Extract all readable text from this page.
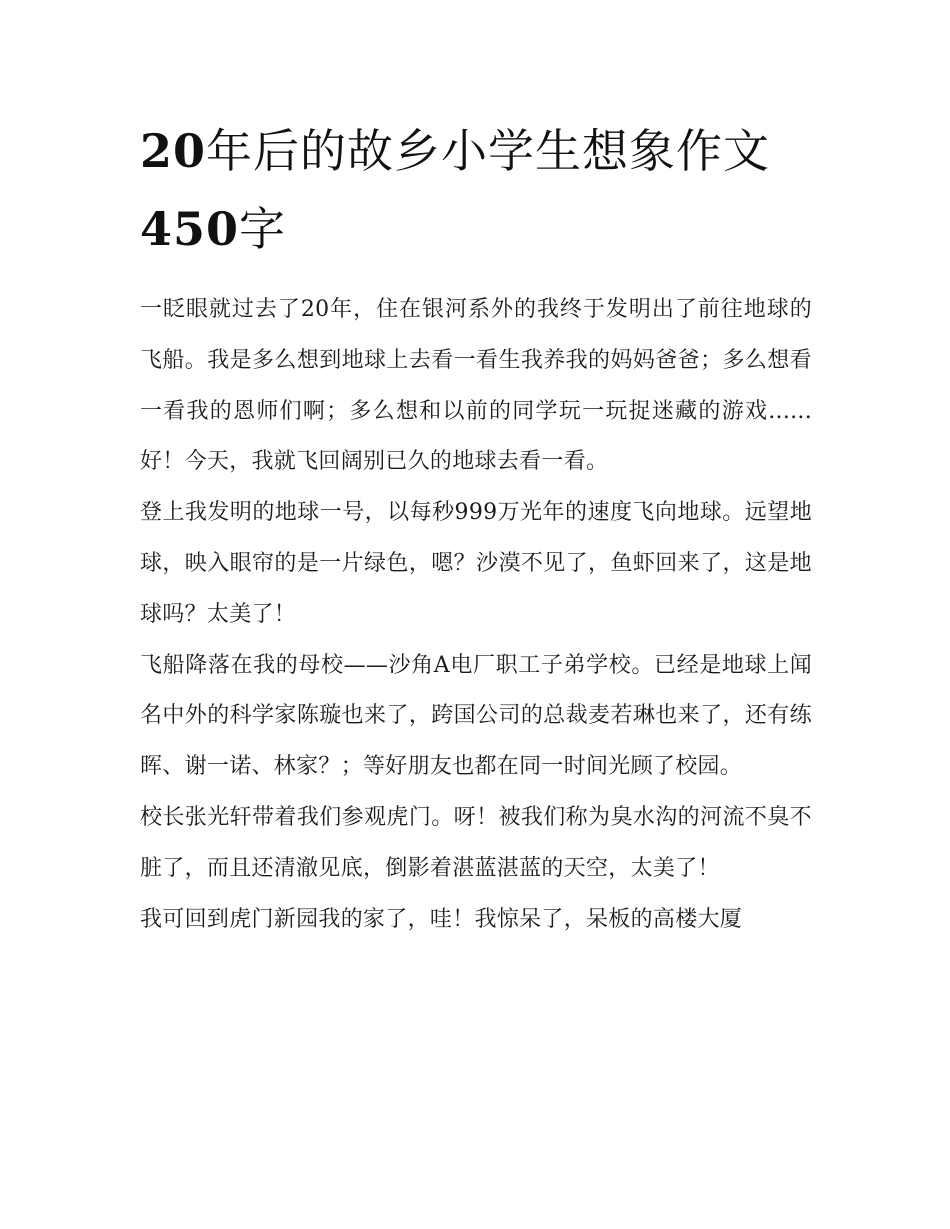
20年后的故乡小学生想象作文
450字

一眨眼就过去了20年，住在银河系外的我终于发明出了前往地球的飞船。我是多么想到地球上去看一看生我养我的妈妈爸爸；多么想看一看我的恩师们啊；多么想和以前的同学玩一玩捉迷藏的游戏......好！今天，我就飞回阔别已久的地球去看一看。

登上我发明的地球一号，以每秒999万光年的速度飞向地球。远望地球，映入眼帘的是一片绿色，嗯？沙漠不见了，鱼虾回来了，这是地球吗？太美了！

飞船降落在我的母校——沙角A电厂职工子弟学校。已经是地球上闻名中外的科学家陈璇也来了，跨国公司的总裁麦若琳也来了，还有练晖、谢一诺、林家？；等好朋友也都在同一时间光顾了校园。

校长张光轩带着我们参观虎门。呀！被我们称为臭水沟的河流不臭不脏了，而且还清澈见底，倒影着湛蓝湛蓝的天空，太美了！

我可回到虎门新园我的家了，哇！我惊呆了，呆板的高楼大厦
